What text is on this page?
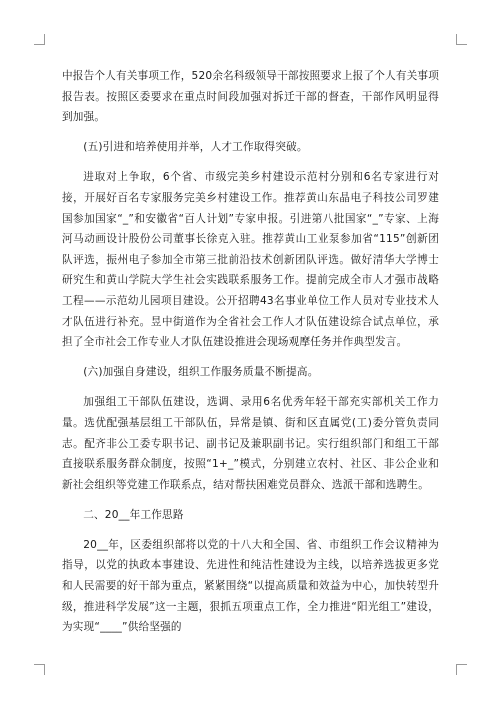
中报告个人有关事项工作，520余名科级领导干部按照要求上报了个人有关事项报告表。按照区委要求在重点时间段加强对拆迁干部的督查，干部作风明显得到加强。

(五)引进和培养使用并举，人才工作取得突破。

进取对上争取，6个省、市级完美乡村建设示范村分别和6名专家进行对接，开展好百名专家服务完美乡村建设工作。推荐黄山东晶电子科技公司罗建国参加国家“_”和安徽省“百人计划”专家申报。引进第八批国家“_”专家、上海河马动画设计股份公司董事长徐克入驻。推荐黄山工业泵参加省“115”创新团队评选，振州电子参加全市第三批前沿技术创新团队评选。做好清华大学博士研究生和黄山学院大学生社会实践联系服务工作。提前完成全市人才强市战略工程——示范幼儿园项目建设。公开招聘43名事业单位工作人员对专业技术人才队伍进行补充。昱中街道作为全省社会工作人才队伍建设综合试点单位，承担了全市社会工作专业人才队伍建设推进会现场观摩任务并作典型发言。

(六)加强自身建设，组织工作服务质量不断提高。

加强组工干部队伍建设，选调、录用6名优秀年轻干部充实部机关工作力量。选优配强基层组工干部队伍，异常是镇、街和区直属党(工)委分管负责同志。配齐非公工委专职书记、副书记及兼职副书记。实行组织部门和组工干部直接联系服务群众制度，按照“1+_”模式，分别建立农村、社区、非公企业和新社会组织等党建工作联系点，结对帮扶困难党员群众、选派干部和选聘生。

二、20__年工作思路

20__年，区委组织部将以党的十八大和全国、省、市组织工作会议精神为指导，以党的执政本事建设、先进性和纯洁性建设为主线，以培养选拔更多党和人民需要的好干部为重点，紧紧围绕“以提高质量和效益为中心，加快转型升级，推进科学发展”这一主题，狠抓五项重点工作，全力推进“阳光组工”建设，为实现“____”供给坚强的
